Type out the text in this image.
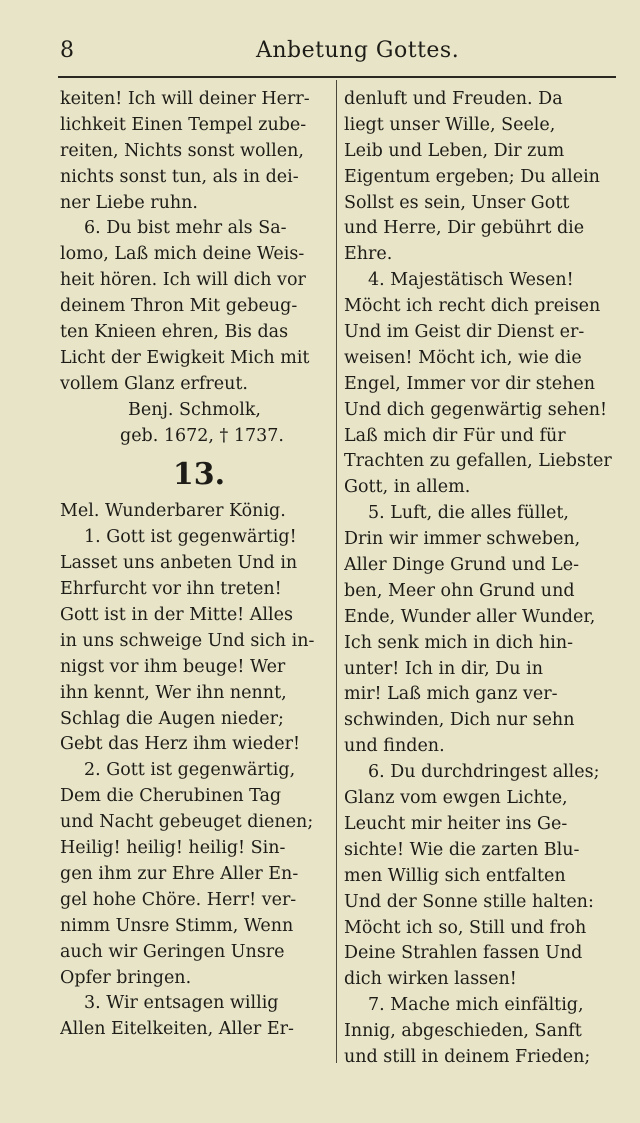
8	Anbetung Gottes.
keiten! Ich will deiner Herr-
lichkeit Einen Tempel zube-
reiten, Nichts sonst wollen,
nichts sonst tun, als in dei-
ner Liebe ruhn.
6. Du bist mehr als Sa-
lomo, Laß mich deine Weis-
heit hören. Ich will dich vor
deinem Thron Mit gebeug-
ten Knieen ehren, Bis das
Licht der Ewigkeit Mich mit
vollem Glanz erfreut.
Benj. Schmolk,
geb. 1672, † 1737.
13.
Mel. Wunderbarer König.
1. Gott ist gegenwärtig!
Lasset uns anbeten Und in
Ehrfurcht vor ihn treten!
Gott ist in der Mitte! Alles
in uns schweige Und sich in-
nigst vor ihm beuge! Wer
ihn kennt, Wer ihn nennt,
Schlag die Augen nieder;
Gebt das Herz ihm wieder!
2. Gott ist gegenwärtig,
Dem die Cherubinen Tag
und Nacht gebeuget dienen;
Heilig! heilig! heilig! Sin-
gen ihm zur Ehre Aller En-
gel hohe Chöre. Herr! ver-
nimm Unsre Stimm, Wenn
auch wir Geringen Unsre
Opfer bringen.
3. Wir entsagen willig
Allen Eitelkeiten, Aller Er-
denluft und Freuden. Da
liegt unser Wille, Seele,
Leib und Leben, Dir zum
Eigentum ergeben; Du allein
Sollst es sein, Unser Gott
und Herre, Dir gebührt die
Ehre.
4. Majestätisch Wesen!
Möcht ich recht dich preisen
Und im Geist dir Dienst er-
weisen! Möcht ich, wie die
Engel, Immer vor dir stehen
Und dich gegenwärtig sehen!
Laß mich dir Für und für
Trachten zu gefallen, Liebster
Gott, in allem.
5. Luft, die alles füllet,
Drin wir immer schweben,
Aller Dinge Grund und Le-
ben, Meer ohn Grund und
Ende, Wunder aller Wunder,
Ich senk mich in dich hin-
unter! Ich in dir, Du in
mir! Laß mich ganz ver-
schwinden, Dich nur sehn
und finden.
6. Du durchdringest alles;
Glanz vom ewgen Lichte,
Leucht mir heiter ins Ge-
sichte! Wie die zarten Blu-
men Willig sich entfalten
Und der Sonne stille halten:
Möcht ich so, Still und froh
Deine Strahlen fassen Und
dich wirken lassen!
7. Mache mich einfältig,
Innig, abgeschieden, Sanft
und still in deinem Frieden;
